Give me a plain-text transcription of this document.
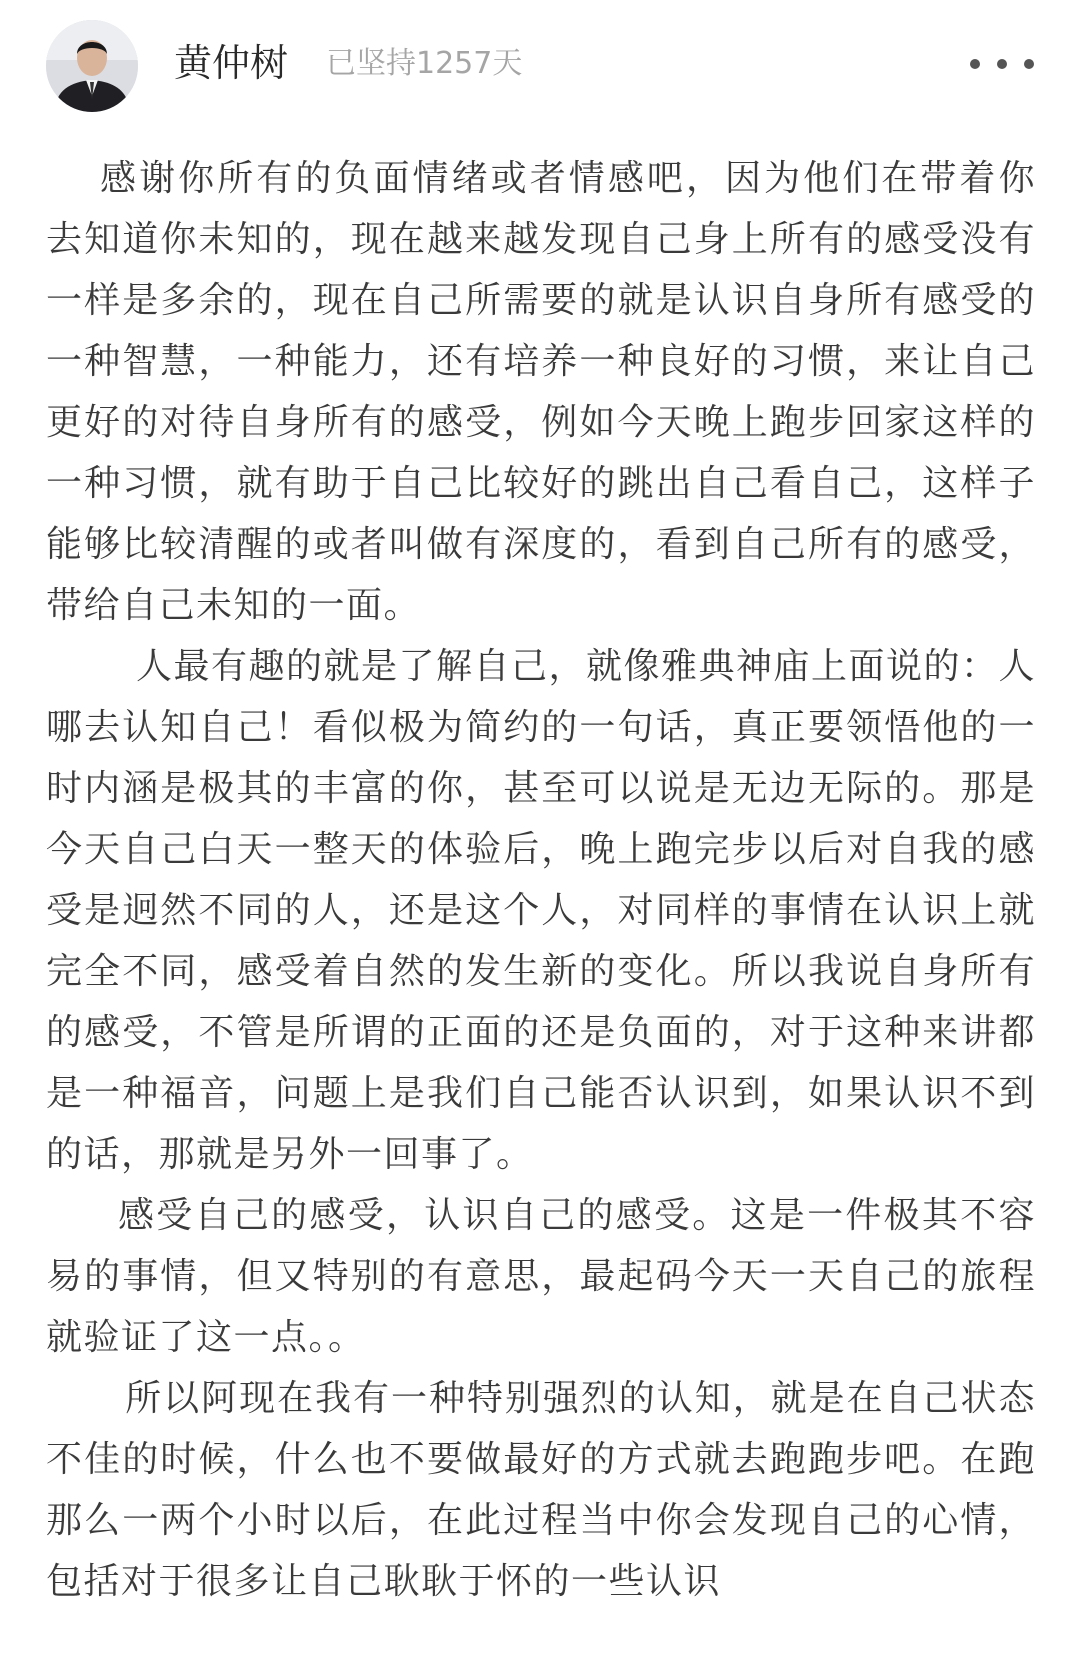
黄仲树 已坚持1257天

感谢你所有的负面情绪或者情感吧，因为他们在带着你去知道你未知的，现在越来越发现自己身上所有的感受没有一样是多余的，现在自己所需要的就是认识自身所有感受的一种智慧，一种能力，还有培养一种良好的习惯，来让自己更好的对待自身所有的感受，例如今天晚上跑步回家这样的一种习惯，就有助于自己比较好的跳出自己看自己，这样子能够比较清醒的或者叫做有深度的，看到自己所有的感受，带给自己未知的一面。

人最有趣的就是了解自己，就像雅典神庙上面说的：人哪去认知自己！看似极为简约的一句话，真正要领悟他的一时内涵是极其的丰富的你，甚至可以说是无边无际的。那是今天自己白天一整天的体验后，晚上跑完步以后对自我的感受是迥然不同的人，还是这个人，对同样的事情在认识上就完全不同，感受着自然的发生新的变化。所以我说自身所有的感受，不管是所谓的正面的还是负面的，对于这种来讲都是一种福音，问题上是我们自己能否认识到，如果认识不到的话，那就是另外一回事了。

感受自己的感受，认识自己的感受。这是一件极其不容易的事情，但又特别的有意思，最起码今天一天自己的旅程就验证了这一点。。

所以阿现在我有一种特别强烈的认知，就是在自己状态不佳的时候，什么也不要做最好的方式就去跑跑步吧。在跑那么一两个小时以后，在此过程当中你会发现自己的心情，包括对于很多让自己耿耿于怀的一些认识
